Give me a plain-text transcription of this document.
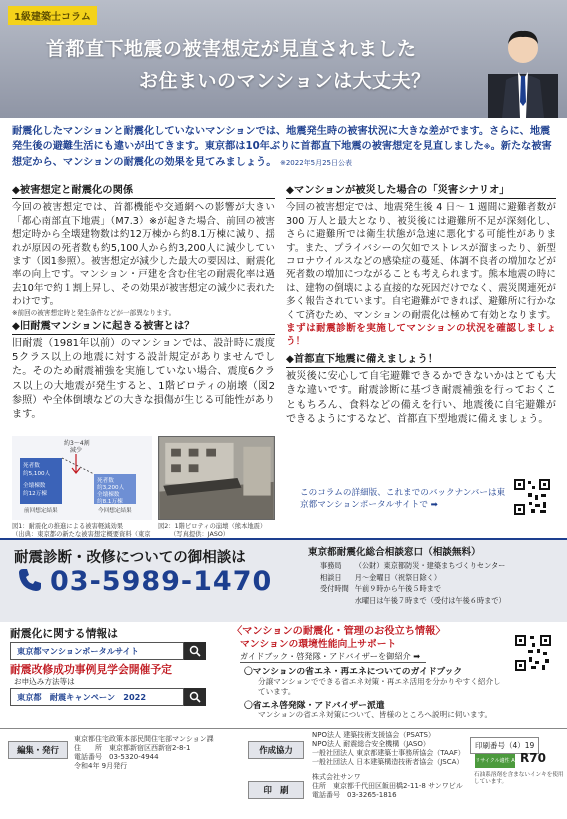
1級建築士コラム
首都直下地震の被害想定が見直されました
お住まいのマンションは大丈夫？
耐震化したマンションと耐震化していないマンションでは、地震発生時の被害状況に大きな差がでます。さらに、地震発生後の避難生活にも違いが出てきます。東京都は10年ぶりに首都直下地震の被害想定を見直しました※。新たな被害想定から、マンションの耐震化の効果を見てみましょう。 ※2022年5月25日公表
◆被害想定と耐震化の関係
今回の被害想定では、首都機能や交通網への影響が大きい「都心南部直下地震」（M7.3）※が起きた場合、前回の被害想定時から全壊建物数は約12万棟から約8.1万棟に減り、揺れが原因の死者数も約5,100人から約3,200人に減少しています（図1参照）。被害想定が減少した最大の要因は、耐震化率の向上です。マンション・戸建を含む住宅の耐震化率は過去10年で約１割上昇し、その効果が被害想定の減少に表れたわけです。
※前回の被害想定時と発生条件などが一部異なります。
◆旧耐震マンションに起きる被害とは？
旧耐震（1981年以前）のマンションでは、設計時に震度5クラス以上の地震に対する設計規定がありませんでした。そのため耐震補強を実施していない場合、震度6クラス以上の大地震が発生すると、1階ピロティの崩壊（図2参照）や全体倒壊などの大きな損傷が生じる可能性があります。
約3～4割
減少
死者数
約5,100人
全壊棟数
約12万棟
前回想定結果
死者数
約3,200人
全壊棟数
約8.1万棟
今回想定結果
図1：耐震化の推進による被害軽減効果
（出典：東京都の新たな被害想定概要資料（東京
図2：1階ピロティの崩壊（熊本地震）
（写真提供：JASO）
◆マンションが被災した場合の「災害シナリオ」
今回の被害想定では、地震発生後 4 日～ 1 週間に避難者数が 300 万人と最大となり、被災後には避難所不足が深刻化し、さらに避難所では衛生状態が急速に悪化する可能性があります。また、プライバシーの欠如でストレスが溜まったり、新型コロナウイルスなどの感染症の蔓延、体調不良者の増加などが死者数の増加につながることも考えられます。熊本地震の時には、建物の倒壊による直接的な死因だけでなく、震災関連死が多く報告されています。自宅避難ができれば、避難所に行かなくて済むため、マンションの耐震化は極めて有効となります。まずは耐震診断を実施してマンションの状況を確認しましょう！
◆首都直下地震に備えましょう！
被災後に安心して自宅避難できるかできないかはとても大きな違いです。耐震診断に基づき耐震補強を行っておくこともちろん、食料などの備えを行い、地震後に自宅避難ができるようにするなど、首都直下型地震に備えましょう。
このコラムの詳細版、これまでのバックナンバーは東京都マンションポータルサイトで ➡
耐震診断・改修についての御相談は
03-5989-1470
東京都耐震化総合相談窓口（相談無料）
事務局	（公財）東京都防災・建築まちづくりセンター
相談日	月～金曜日（祝祭日除く）
受付時間	午前９時から午後５時まで
	水曜日は午後７時まで（受付は午後６時まで）
耐震化に関する情報は
東京都マンションポータルサイト
耐震改修成功事例見学会開催予定
お申込み方法等は
東京都　耐震キャンペーン　2022
〈マンションの耐震化・管理のお役立ち情報〉
マンションの環境性能向上サポート
ガイドブック・啓発隊・アドバイザーを御紹介 ➡
〇マンションの省エネ・再エネについてのガイドブック
分譲マンションでできる省エネ対策・再エネ活用を分かりやすく紹介しています。
〇省エネ啓発隊・アドバイザー派遣
マンションの省エネ対策について、皆様のところへ説明に伺います。
編集・発行
東京都住宅政策本部民間住宅部マンション課
住　　所　東京都新宿区西新宿2-8-1
電話番号　03-5320-4944
令和4年 9月発行
作成協力
NPO法人 建築技術支援協会（PSATS）
NPO法人 耐震総合安全機構（JASO）
一般社団法人 東京都建築士事務所協会（TAAF）
一般社団法人 日本建築構造技術者協会（JSCA）
印　刷
株式会社サンワ
住所　東京都千代田区飯田橋2-11-8 サンワビル
電話番号　03-3265-1816
印刷番号（4）19
リサイクル適性 A R70
石油系溶剤を含まないインキを使用しています。
